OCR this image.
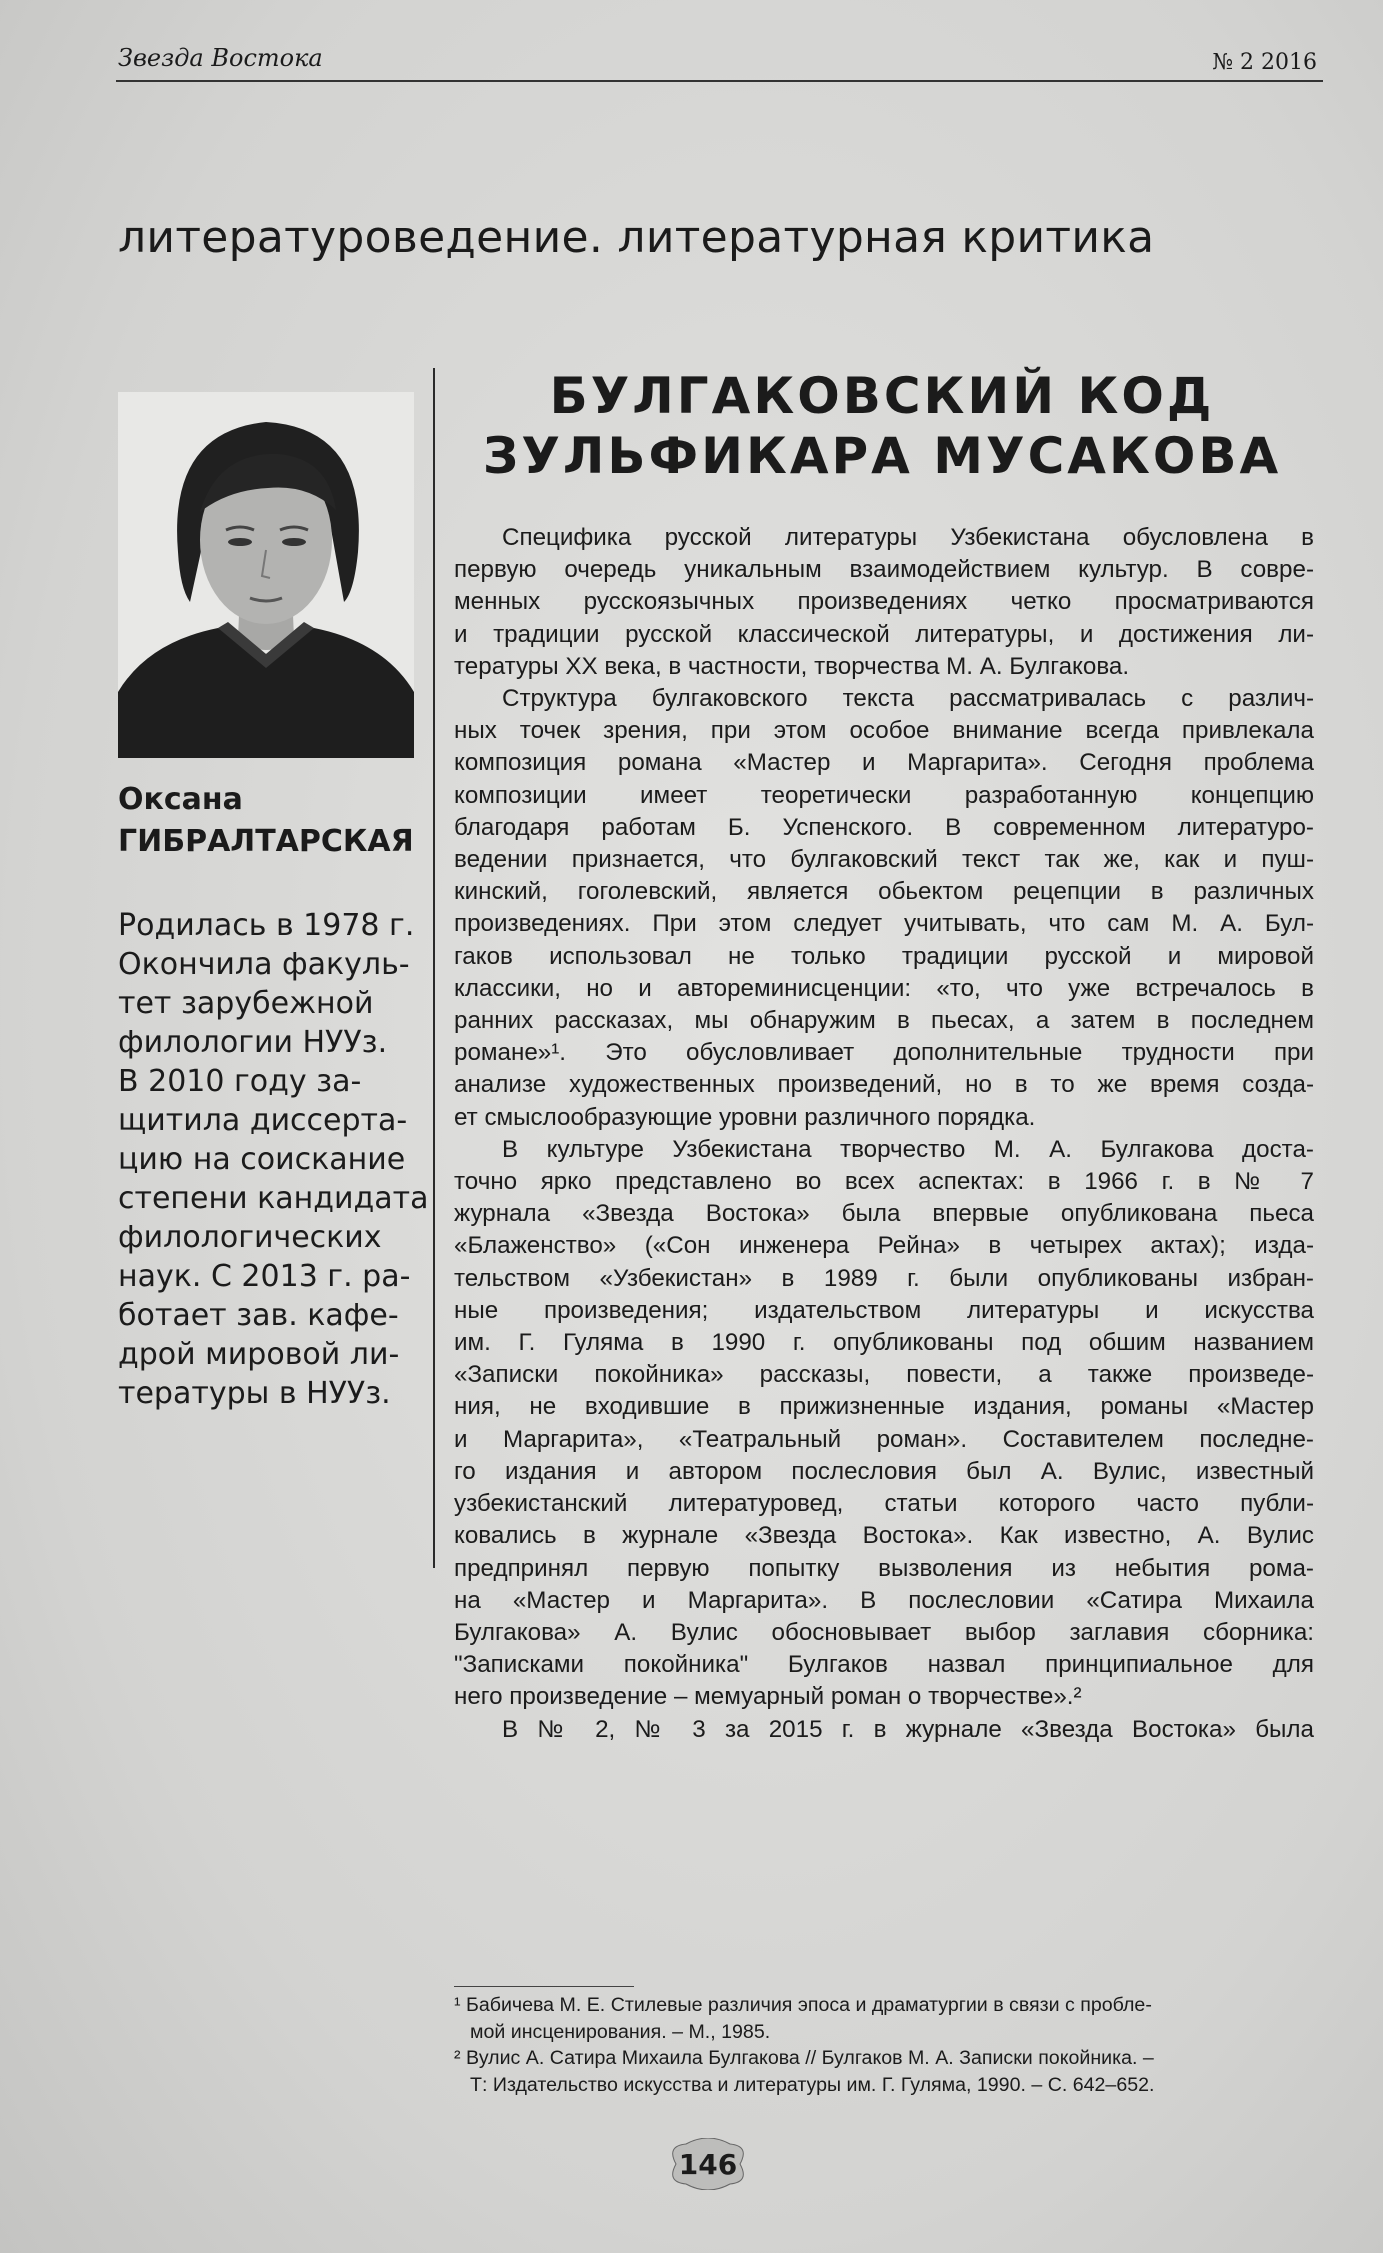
Звезда Востока	№ 2 2016
литературоведение. литературная критика
Оксана
ГИБРАЛТАРСКАЯ
Родилась в 1978 г.
Окончила факуль-
тет зарубежной
филологии НУУз.
В 2010 году за-
щитила диссерта-
цию на соискание
степени кандидата
филологических
наук. С 2013 г. ра-
ботает зав. кафе-
дрой мировой ли-
тературы в НУУз.
БУЛГАКОВСКИЙ КОД
ЗУЛЬФИКАРА МУСАКОВА
Специфика русской литературы Узбекистана обусловлена в
первую очередь уникальным взаимодействием культур. В совре-
менных русскоязычных произведениях четко просматриваются
и традиции русской классической литературы, и достижения ли-
тературы XX века, в частности, творчества М. А. Булгакова.
Структура булгаковского текста рассматривалась с различ-
ных точек зрения, при этом особое внимание всегда привлекала
композиция романа «Мастер и Маргарита». Сегодня проблема
композиции имеет теоретически разработанную концепцию
благодаря работам Б. Успенского. В современном литературо-
ведении признается, что булгаковский текст так же, как и пуш-
кинский, гоголевский, является обьектом рецепции в различных
произведениях. При этом следует учитывать, что сам М. А. Бул-
гаков использовал не только традиции русской и мировой
классики, но и автореминисценции: «то, что уже встречалось в
ранних рассказах, мы обнаружим в пьесах, а затем в последнем
романе»¹. Это обусловливает дополнительные трудности при
анализе художественных произведений, но в то же время созда-
ет смыслообразующие уровни различного порядка.
В культуре Узбекистана творчество М. А. Булгакова доста-
точно ярко представлено во всех аспектах: в 1966 г. в № 7
журнала «Звезда Востока» была впервые опубликована пьеса
«Блаженство» («Сон инженера Рейна» в четырех актах); изда-
тельством «Узбекистан» в 1989 г. были опубликованы избран-
ные произведения; издательством литературы и искусства
им. Г. Гуляма в 1990 г. опубликованы под обшим названием
«Записки покойника» рассказы, повести, а также произведе-
ния, не входившие в прижизненные издания, романы «Мастер
и Маргарита», «Театральный роман». Составителем последне-
го издания и автором послесловия был А. Вулис, известный
узбекистанский литературовед, статьи которого часто публи-
ковались в журнале «Звезда Востока». Как известно, А. Вулис
предпринял первую попытку вызволения из небытия рома-
на «Мастер и Маргарита». В послесловии «Сатира Михаила
Булгакова» А. Вулис обосновывает выбор заглавия сборника:
"Записками покойника" Булгаков назвал принципиальное для
него произведение – мемуарный роман о творчестве».²
В № 2, № 3 за 2015 г. в журнале «Звезда Востока» была
¹ Бабичева М. Е. Стилевые различия эпоса и драматургии в связи с пробле-
мой инсценирования. – М., 1985.
² Вулис А. Сатира Михаила Булгакова // Булгаков М. А. Записки покойника. –
Т: Издательство искусства и литературы им. Г. Гуляма, 1990. – С. 642–652.
146
